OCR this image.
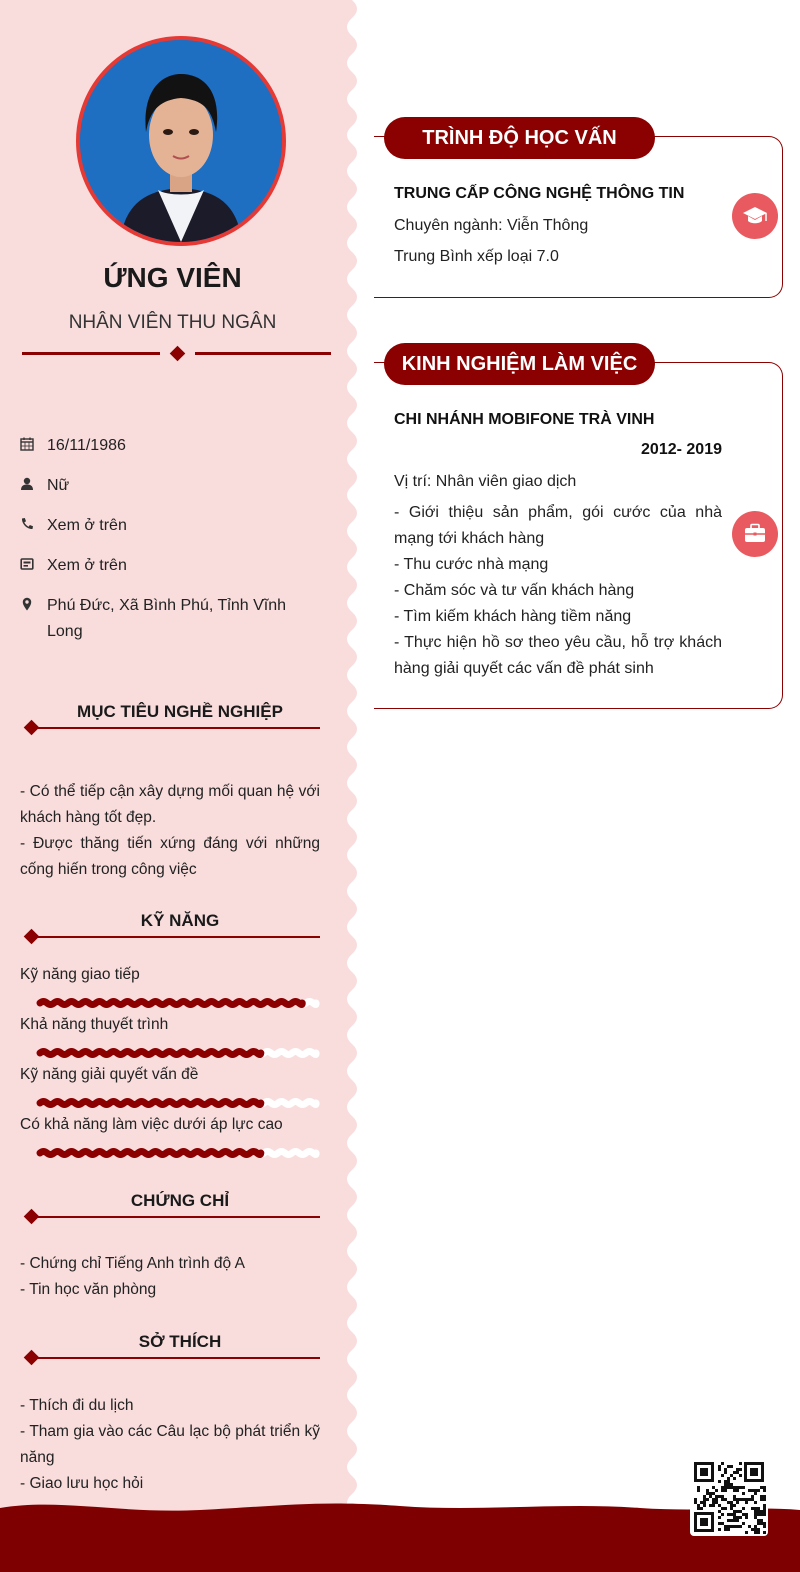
ỨNG VIÊN
NHÂN VIÊN THU NGÂN
16/11/1986
Nữ
Xem ở trên
Xem ở trên
Phú Đức, Xã Bình Phú, Tỉnh Vĩnh Long
MỤC TIÊU NGHỀ NGHIỆP
- Có thể tiếp cận xây dựng mối quan hệ với khách hàng tốt đẹp.
- Được thăng tiến xứng đáng với những cống hiến trong công việc
KỸ NĂNG
Kỹ năng giao tiếp
Khả năng thuyết trình
Kỹ năng giải quyết vấn đề
Có khả năng làm việc dưới áp lực cao
CHỨNG CHỈ
- Chứng chỉ Tiếng Anh trình độ A
- Tin học văn phòng
SỞ THÍCH
- Thích đi du lịch
- Tham gia vào các Câu lạc bộ phát triển kỹ năng
- Giao lưu học hỏi
TRÌNH ĐỘ HỌC VẤN
TRUNG CẤP CÔNG NGHỆ THÔNG TIN
Chuyên ngành: Viễn Thông
Trung Bình xếp loại 7.0
KINH NGHIỆM LÀM VIỆC
CHI NHÁNH MOBIFONE TRÀ VINH
2012- 2019
Vị trí: Nhân viên giao dịch
- Giới thiệu sản phẩm, gói cước của nhà mạng tới khách hàng
- Thu cước nhà mạng
- Chăm sóc và tư vấn khách hàng
- Tìm kiếm khách hàng tiềm năng
- Thực hiện hồ sơ theo yêu cầu, hỗ trợ khách hàng giải quyết các vấn đề phát sinh
